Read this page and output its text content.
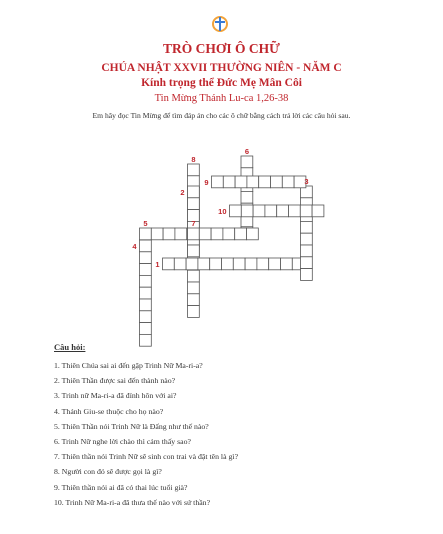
TRÒ CHƠI Ô CHỮ
CHÚA NHẬT XXVII THƯỜNG NIÊN - NĂM C
Kính trọng thể Đức Mẹ Mân Côi
Tin Mừng Thánh Lu-ca 1,26-38
Em hãy đọc Tin Mừng để tìm đáp án cho các ô chữ bằng cách trả lời các câu hỏi sau.
1
2
3
4
5
6
7
8
9
10
Câu hỏi:
1. Thiên Chúa sai ai đến gặp Trinh Nữ Ma-ri-a?
2. Thiên Thần được sai đến thành nào?
3. Trinh nữ Ma-ri-a đã đính hôn với ai?
4. Thánh Giu-se thuộc cho họ nào?
5. Thiên Thần nói Trinh Nữ là Đấng như thế nào?
6. Trinh Nữ nghe lời chào thì cảm thấy sao?
7. Thiên thần nói Trinh Nữ sẽ sinh con trai và đặt tên là gì?
8. Người con đó sẽ được gọi là gì?
9. Thiên thần nói ai đã có thai lúc tuổi già?
10. Trinh Nữ Ma-ri-a đã thưa thế nào với sứ thần?
